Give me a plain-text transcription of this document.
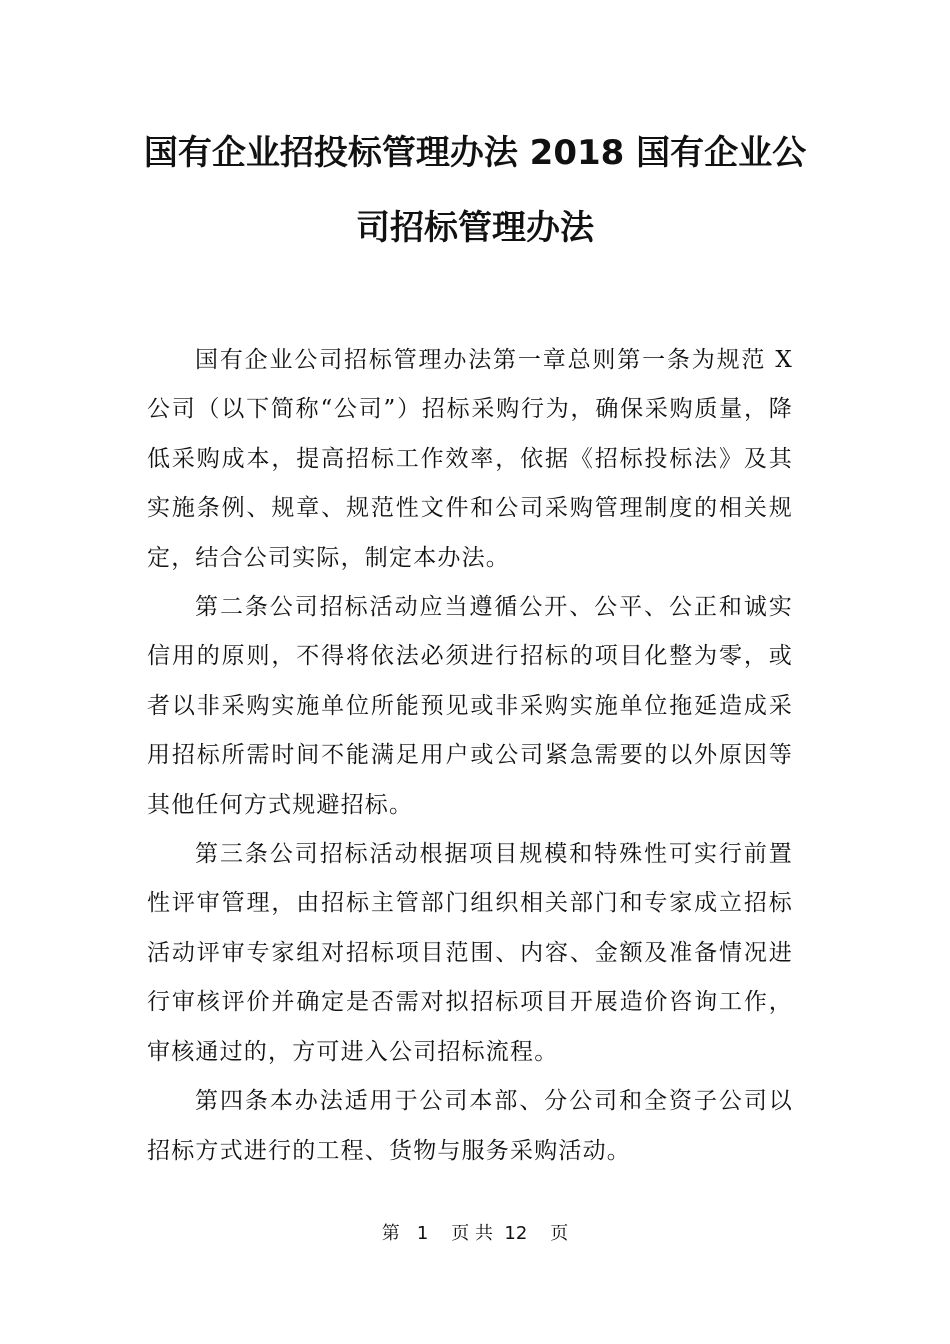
国有企业招投标管理办法 2018 国有企业公
司招标管理办法

国有企业公司招标管理办法第一章总则第一条为规范 X 公司（以下简称“公司”）招标采购行为，确保采购质量，降低采购成本，提高招标工作效率，依据《招标投标法》及其实施条例、规章、规范性文件和公司采购管理制度的相关规定，结合公司实际，制定本办法。

第二条公司招标活动应当遵循公开、公平、公正和诚实信用的原则，不得将依法必须进行招标的项目化整为零，或者以非采购实施单位所能预见或非采购实施单位拖延造成采用招标所需时间不能满足用户或公司紧急需要的以外原因等其他任何方式规避招标。

第三条公司招标活动根据项目规模和特殊性可实行前置性评审管理，由招标主管部门组织相关部门和专家成立招标活动评审专家组对招标项目范围、内容、金额及准备情况进行审核评价并确定是否需对拟招标项目开展造价咨询工作，审核通过的，方可进入公司招标流程。

第四条本办法适用于公司本部、分公司和全资子公司以招标方式进行的工程、货物与服务采购活动。

第   1    页 共  12    页
